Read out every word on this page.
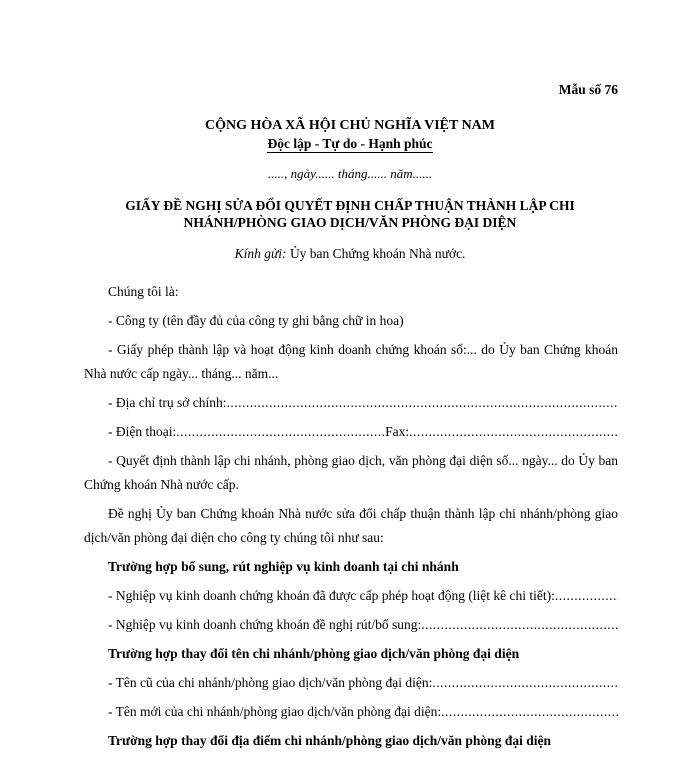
Mẫu số 76
CỘNG HÒA XÃ HỘI CHỦ NGHĨA VIỆT NAM
Độc lập - Tự do - Hạnh phúc
....., ngày...... tháng...... năm......
GIẤY ĐỀ NGHỊ SỬA ĐỔI QUYẾT ĐỊNH CHẤP THUẬN THÀNH LẬP CHI
NHÁNH/PHÒNG GIAO DỊCH/VĂN PHÒNG ĐẠI DIỆN
Kính gửi: Ủy ban Chứng khoán Nhà nước.
Chúng tôi là:
- Công ty (tên đầy đủ của công ty ghi bằng chữ in hoa)
- Giấy phép thành lập và hoạt động kinh doanh chứng khoán số:... do Ủy ban Chứng khoán Nhà nước cấp ngày... tháng... năm...
- Địa chỉ trụ sở chính:
.....
- Điện thoại:
.....	Fax:
.....
- Quyết định thành lập chi nhánh, phòng giao dịch, văn phòng đại diện số... ngày... do Ủy ban Chứng khoán Nhà nước cấp.
Đề nghị Ủy ban Chứng khoán Nhà nước sửa đổi chấp thuận thành lập chi nhánh/phòng giao dịch/văn phòng đại diện cho công ty chúng tôi như sau:
Trường hợp bổ sung, rút nghiệp vụ kinh doanh tại chi nhánh
- Nghiệp vụ kinh doanh chứng khoán đã được cấp phép hoạt động (liệt kê chi tiết):
.....
- Nghiệp vụ kinh doanh chứng khoán đề nghị rút/bổ sung:
.....
Trường hợp thay đổi tên chi nhánh/phòng giao dịch/văn phòng đại diện
- Tên cũ của chi nhánh/phòng giao dịch/văn phòng đại diện:
.....
- Tên mới của chi nhánh/phòng giao dịch/văn phòng đại diện:
.....
Trường hợp thay đổi địa điểm chi nhánh/phòng giao dịch/văn phòng đại diện
